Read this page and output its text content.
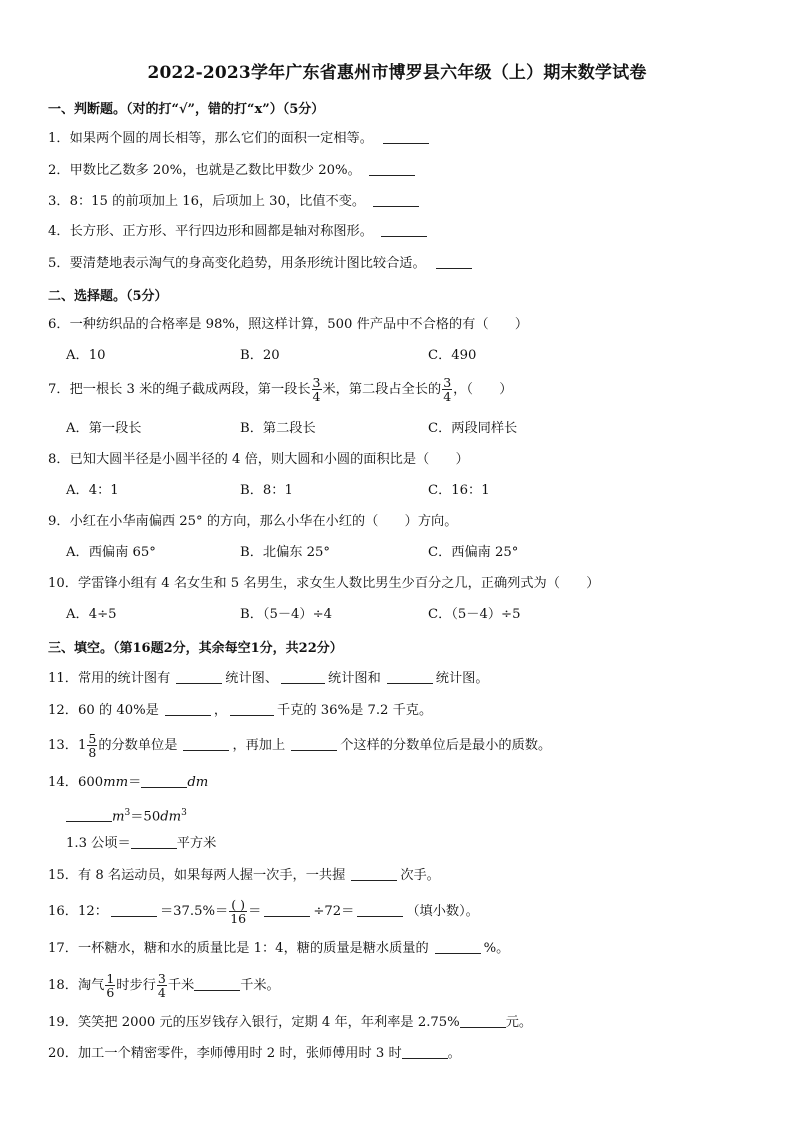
2022-2023学年广东省惠州市博罗县六年级（上）期末数学试卷
一、判断题。（对的打“√”，错的打“x”）（5分）
1．如果两个圆的周长相等，那么它们的面积一定相等。
2．甲数比乙数多 20%，也就是乙数比甲数少 20%。
3．8：15 的前项加上 16，后项加上 30，比值不变。
4．长方形、正方形、平行四边形和圆都是轴对称图形。
5．要清楚地表示淘气的身高变化趋势，用条形统计图比较合适。
二、选择题。（5分）
6．一种纺织品的合格率是 98%，照这样计算，500 件产品中不合格的有（　　）
A．10	B．20	C．490
7．把一根长 3 米的绳子截成两段，第一段长 $\frac{3}{4}$ 米，第二段占全长的 $\frac{3}{4}$ ，（　　）
A．第一段长	B．第二段长	C．两段同样长
8．已知大圆半径是小圆半径的 4 倍，则大圆和小圆的面积比是（　　）
A．4：1	B．8：1	C．16：1
9．小红在小华南偏西 25° 的方向，那么小华在小红的（　　）方向。
A．西偏南 65°	B．北偏东 25°	C．西偏南 25°
10．学雷锋小组有 4 名女生和 5 名男生，求女生人数比男生少百分之几，正确列式为（　　）
A．4÷5	B．（5－4）÷4	C．（5－4）÷5
三、填空。（第16题2分，其余每空1分，共22分）
11．常用的统计图有	统计图、	统计图和	统计图。
12．60 的 40%是	，	千克的 36%是 7.2 千克。
13．$1 \frac{5}{8}$ 的分数单位是	，再加上	个这样的分数单位后是最小的质数。
14．600mm＝	dm
$m^3=50dm^3$
1.3 公顷＝	平方米
15．有 8 名运动员，如果每两人握一次手，一共握	次手。
16．12：	$=37.5\%= \frac{( )}{16}$ ＝	÷72＝	（填小数）。
17．一杯糖水，糖和水的质量比是 1：4，糖的质量是糖水质量的	%。
18．淘气 $\frac{1}{6}$ 时步行 $\frac{3}{4}$ 千米	千米。
19．笑笑把 2000 元的压岁钱存入银行，定期 4 年，年利率是 2.75%	元。
20．加工一个精密零件，李师傅用时 2 时，张师傅用时 3 时	。
